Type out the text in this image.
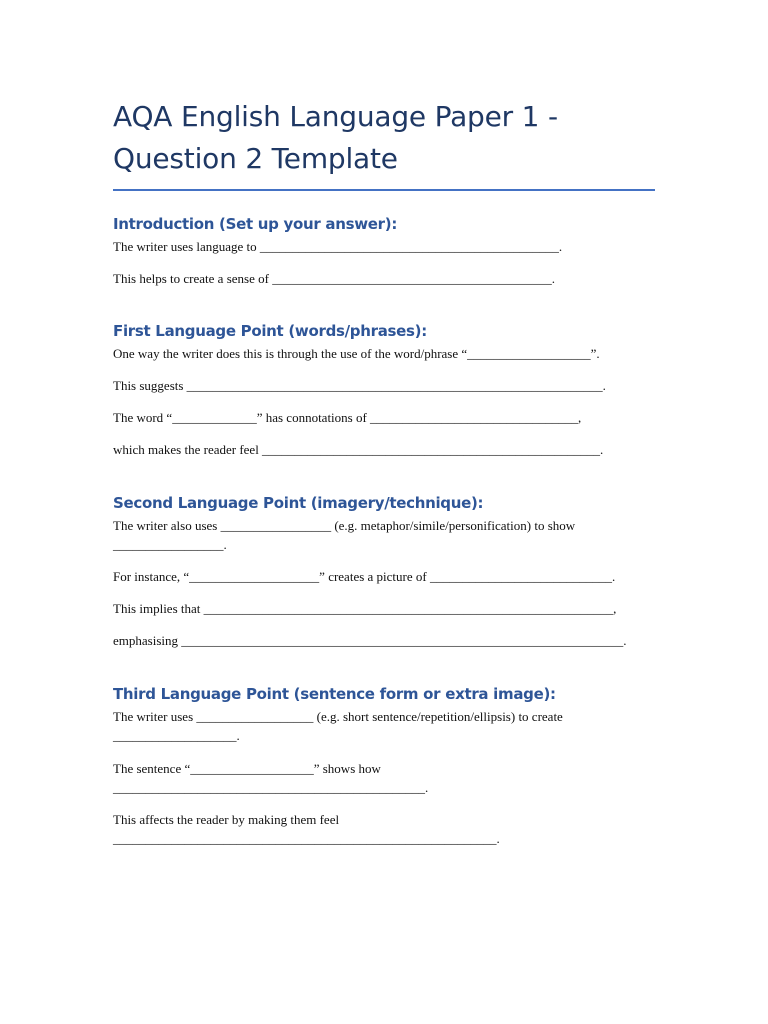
AQA English Language Paper 1 -
Question 2 Template
Introduction (Set up your answer):

The writer uses language to ______________________________________________.

This helps to create a sense of ___________________________________________.

First Language Point (words/phrases):

One way the writer does this is through the use of the word/phrase “___________________”.

This suggests ________________________________________________________________.

The word “_____________” has connotations of ________________________________,

which makes the reader feel ____________________________________________________.

Second Language Point (imagery/technique):

The writer also uses _________________ (e.g. metaphor/simile/personification) to show

_________________.

For instance, “____________________” creates a picture of ____________________________.

This implies that _______________________________________________________________,

emphasising ____________________________________________________________________.

Third Language Point (sentence form or extra image):

The writer uses __________________ (e.g. short sentence/repetition/ellipsis) to create

___________________.

The sentence “___________________” shows how

________________________________________________.

This affects the reader by making them feel

___________________________________________________________.
